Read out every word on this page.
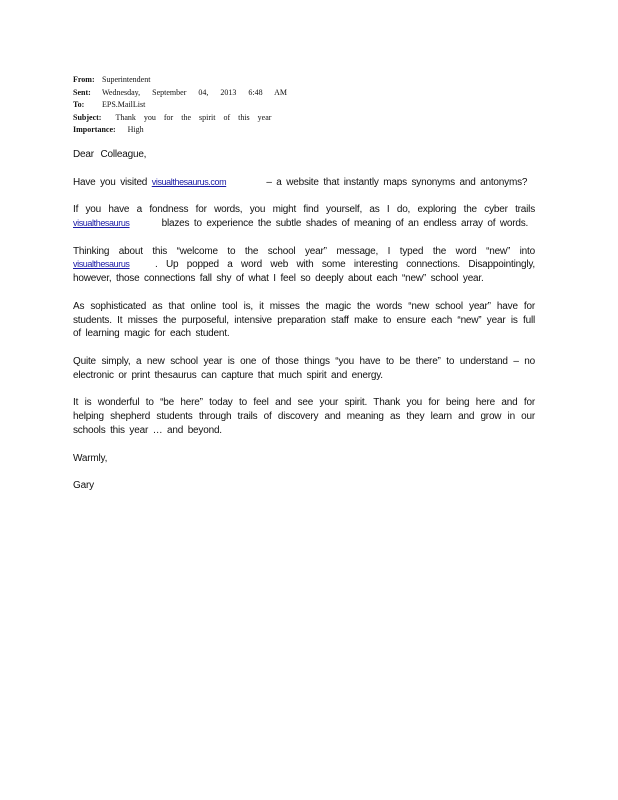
From: Superintendent
Sent:	Wednesday, September 04, 2013 6:48 AM
To:	EPS.MailList
Subject: Thank you for the spirit of this year
Importance: High

Dear Colleague,

Have you visited visualthesaurus.com	– a website that instantly maps synonyms and antonyms?

If you have a fondness for words, you might find yourself, as I do, exploring the cyber trails visualthesaurus	blazes to experience the subtle shades of meaning of an endless array of words.

Thinking about this “welcome to the school year” message, I typed the word “new” into visualthesaurus	. Up popped a word web with some interesting connections. Disappointingly, however, those connections fall shy of what I feel so deeply about each “new” school year.

As sophisticated as that online tool is, it misses the magic the words “new school year” have for students. It misses the purposeful, intensive preparation staff make to ensure each “new” year is full of learning magic for each student.

Quite simply, a new school year is one of those things “you have to be there” to understand – no electronic or print thesaurus can capture that much spirit and energy.

It is wonderful to “be here” today to feel and see your spirit. Thank you for being here and for helping shepherd students through trails of discovery and meaning as they learn and grow in our schools this year … and beyond.

Warmly,

Gary
